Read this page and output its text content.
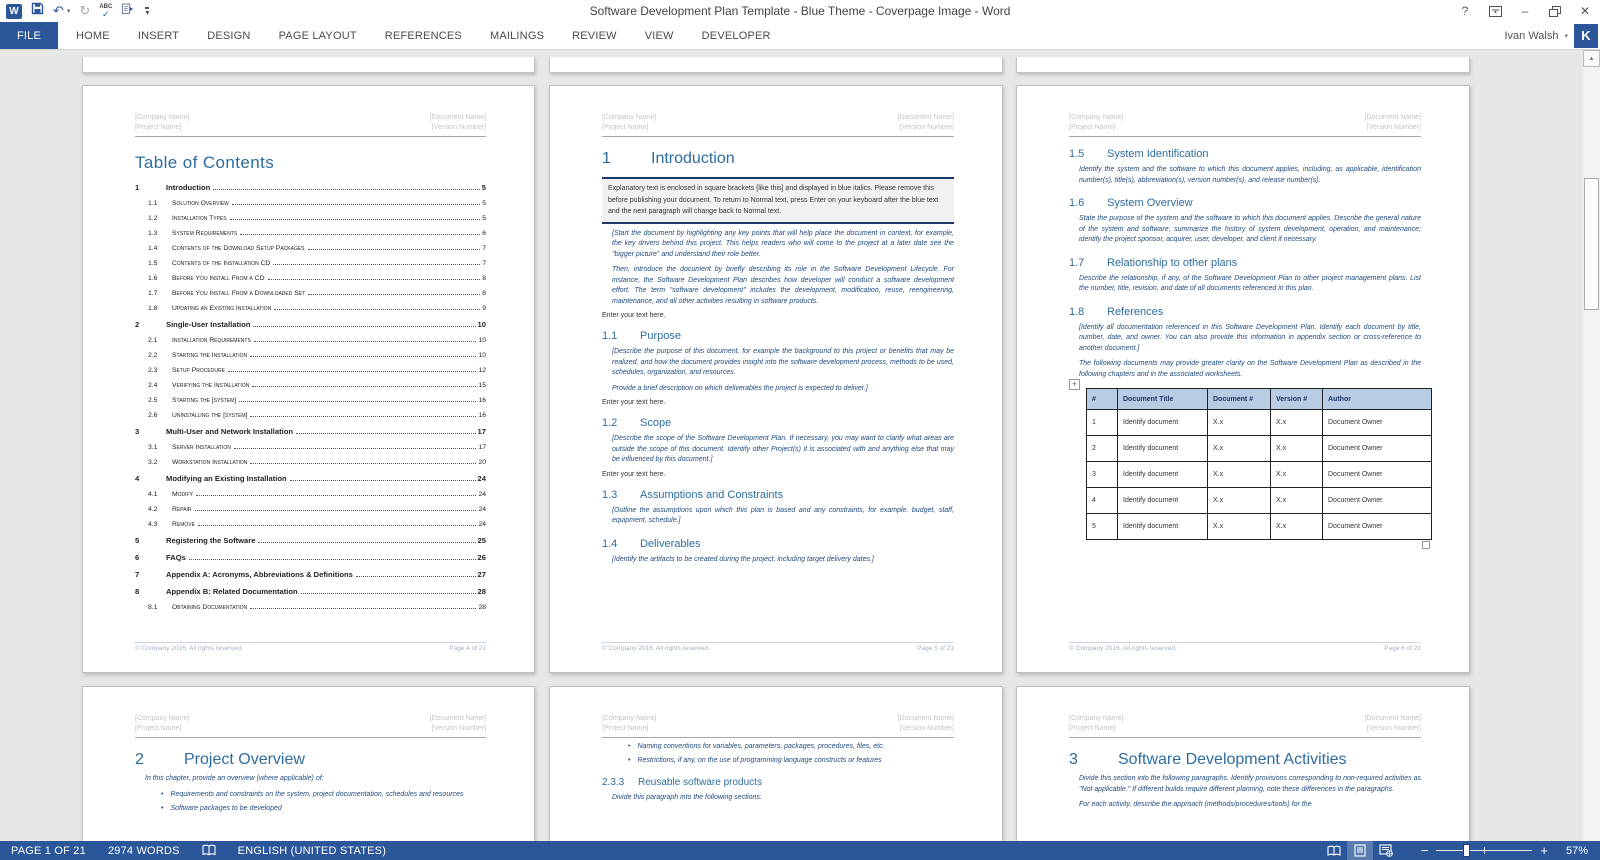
W	↶ ▾ ↻ ABC
✓	▾	Software Development Plan Template - Blue Theme - Coverpage Image - Word	?	–	✕
FILE	HOME	INSERT	DESIGN	PAGE LAYOUT	REFERENCES	MAILINGS	REVIEW	VIEW	DEVELOPER	Ivan Walsh ▾	K
[Company Name]
[Project Name]
[Document Name]
[Version Number]
Table of Contents
1	Introduction	5
1.1	Solution Overview	5
1.2	Installation Types	5
1.3	System Requirements	6
1.4	Contents of the Download Setup Packages	7
1.5	Contents of the Installation CD	7
1.6	Before You Install From a CD	8
1.7	Before You Install From a Downloaded Set	8
1.8	Updating an Existing Installation	9
2	Single-User Installation	10
2.1	Installation Requirements	10
2.2	Starting the Installation	10
2.3	Setup Procedure	12
2.4	Verifying the Installation	15
2.5	Starting the [system]	16
2.6	Uninstalling the [system]	16
3	Multi-User and Network Installation	17
3.1	Server Installation	17
3.2	Workstation Installation	20
4	Modifying an Existing Installation	24
4.1	Modify	24
4.2	Repair	24
4.3	Remove	24
5	Registering the Software	25
6	FAQs	26
7	Appendix A: Acronyms, Abbreviations & Definitions	27
8	Appendix B: Related Documentation	28
8.1	Obtaining Documentation	28
© Company 2016. All rights reserved.	Page 4 of 21
[Company Name]
[Project Name]
[Document Name]
[Version Number]
1	Introduction
Explanatory text is enclosed in square brackets [like this] and displayed in blue italics. Please remove this before publishing your document. To return to Normal text, press Enter on your keyboard after the blue text and the next paragraph will change back to Normal text.
[Start the document by highlighting any key points that will help place the document in context, for example, the key drivers behind this project. This helps readers who will come to the project at a later date see the "bigger picture" and understand their role better.
Then, introduce the document by briefly describing its role in the Software Development Lifecycle. For instance, the Software Development Plan describes how developer will conduct a software development effort. The term "software development" includes the development, modification, reuse, reengineering, maintenance, and all other activities resulting in software products.
Enter your text here.
1.1	Purpose
[Describe the purpose of this document, for example the background to this project or benefits that may be realized, and how the document provides insight into the software development process, methods to be used, schedules, organization, and resources.
Provide a brief description on which deliverables the project is expected to deliver.]
Enter your text here.
1.2	Scope
[Describe the scope of the Software Development Plan. If necessary, you may want to clarify what areas are outside the scope of this document. Identify other Project(s) it is associated with and anything else that may be influenced by this document.]
Enter your text here.
1.3	Assumptions and Constraints
[Outline the assumptions upon which this plan is based and any constraints, for example. budget, staff, equipment, schedule.]
1.4	Deliverables
[Identify the artifacts to be created during the project, including target delivery dates.]
© Company 2016. All rights reserved.	Page 5 of 21
[Company Name]
[Project Name]
[Document Name]
[Version Number]
1.5	System Identification
Identify the system and the software to which this document applies, including, as applicable, identification number(s), title(s), abbreviation(s), version number(s), and release number(s).
1.6	System Overview
State the purpose of the system and the software to which this document applies. Describe the general nature of the system and software; summarize the history of system development, operation, and maintenance; identify the project sponsor, acquirer, user, developer, and client if necessary.
1.7	Relationship to other plans
Describe the relationship, if any, of the Software Development Plan to other project management plans. List the number, title, revision, and date of all documents referenced in this plan.
1.8	References
[Identify all documentation referenced in this Software Development Plan. Identify each document by title, number, date, and owner. You can also provide this information in appendix section or cross-reference to another document.]
The following documents may provide greater clarity on the Software Development Plan as described in the following chapters and in the associated worksheets.
+
#	Document Title	Document #	Version #	Author
1	Identify document	X.x	X.x	Document Owner
2	Identify document	X.x	X.x	Document Owner
3	Identify document	X.x	X.x	Document Owner
4	Identify document	X.x	X.x	Document Owner
5	Identify document	X.x	X.x	Document Owner
© Company 2016. All rights reserved.	Page 6 of 21
[Company Name]
[Project Name]
[Document Name]
[Version Number]
2	Project Overview
In this chapter, provide an overview (where applicable) of:
• Requirements and constraints on the system, project documentation, schedules and resources
• Software packages to be developed
[Company Name]
[Project Name]
[Document Name]
[Version Number]
• Naming conventions for variables, parameters, packages, procedures, files, etc.
• Restrictions, if any, on the use of programming language constructs or features
2.3.3	Reusable software products
Divide this paragraph into the following sections:
[Company Name]
[Project Name]
[Document Name]
[Version Number]
3	Software Development Activities
Divide this section into the following paragraphs. Identify provisions corresponding to non-required activities as "Not applicable." If different builds require different planning, note these differences in the paragraphs.
For each activity, describe the approach (methods/procedures/tools) for the
▲
PAGE 1 OF 21	2974 WORDS	ENGLISH (UNITED STATES)	−	+	57%
